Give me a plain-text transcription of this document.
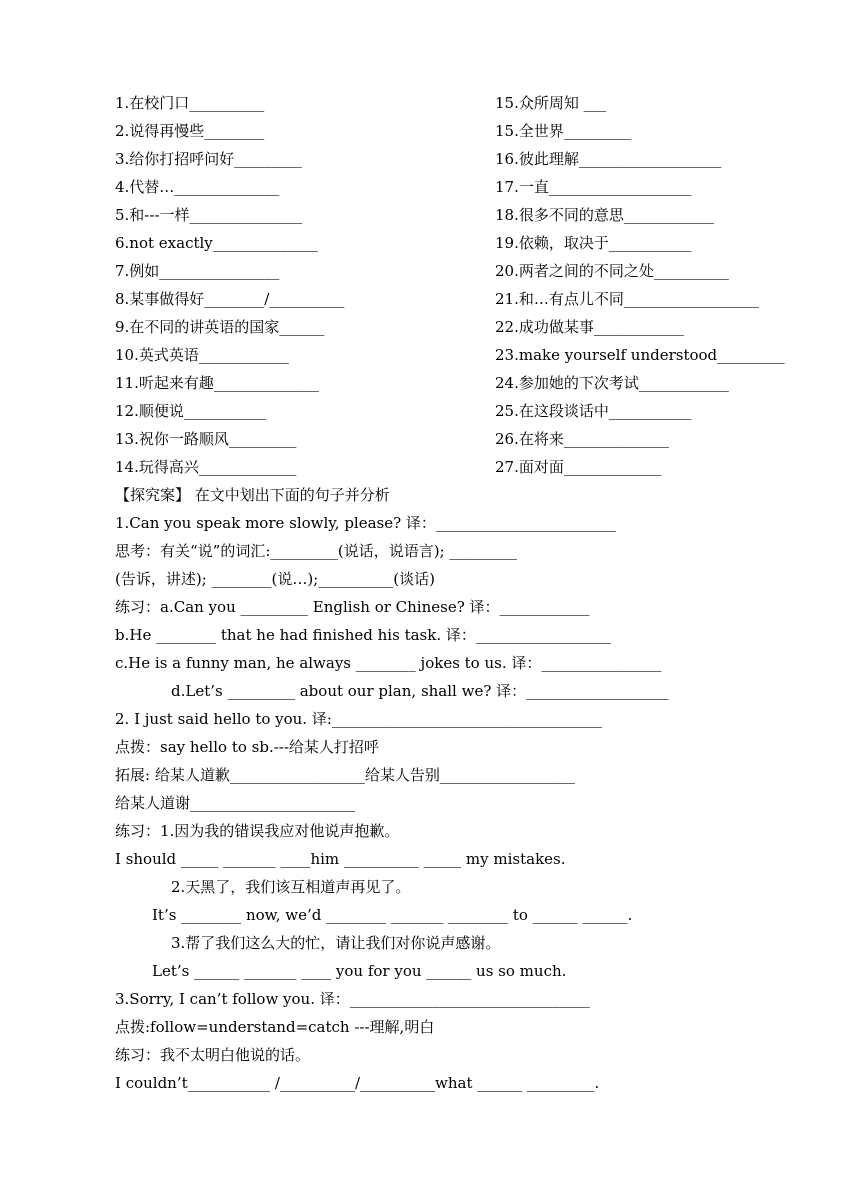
1.在校门口__________	15.众所周知 ___
2.说得再慢些________	15.全世界_________
3.给你打招呼问好_________	16.彼此理解___________________
4.代替…______________	17.一直___________________
5.和---一样_______________	18.很多不同的意思____________
6.not exactly______________	19.依赖，取决于___________
7.例如________________	20.两者之间的不同之处__________
8.某事做得好________/__________	21.和…有点儿不同__________________
9.在不同的讲英语的国家______	22.成功做某事____________
10.英式英语____________	23.make yourself understood_________
11.听起来有趣______________	24.参加她的下次考试____________
12.顺便说___________	25.在这段谈话中___________
13.祝你一路顺风_________	26.在将来______________
14.玩得高兴_____________	27.面对面_____________
【探究案】 在文中划出下面的句子并分析
1.Can you speak more slowly, please? 译：________________________
思考：有关“说”的词汇:_________(说话，说语言); _________
(告诉，讲述); ________(说…);__________(谈话)
练习：a.Can you _________ English or Chinese? 译：____________
b.He ________ that he had finished his task. 译：__________________
c.He is a funny man, he always ________ jokes to us. 译：________________
d.Let’s _________ about our plan, shall we? 译：___________________
2. I just said hello to you. 译:____________________________________
点拨：say hello to sb.---给某人打招呼
拓展: 给某人道歉__________________给某人告别__________________
给某人道谢______________________
练习：1.因为我的错误我应对他说声抱歉。
I should _____ _______ ____him __________ _____ my mistakes.
2.天黑了，我们该互相道声再见了。
It’s ________ now, we’d ________ _______ ________ to ______ ______.
3.帮了我们这么大的忙，请让我们对你说声感谢。
Let’s ______ _______ ____ you for you ______ us so much.
3.Sorry, I can’t follow you. 译：________________________________
点拨:follow=understand=catch ---理解,明白
练习：我不太明白他说的话。
I couldn’t___________ /__________/__________what ______ _________.
